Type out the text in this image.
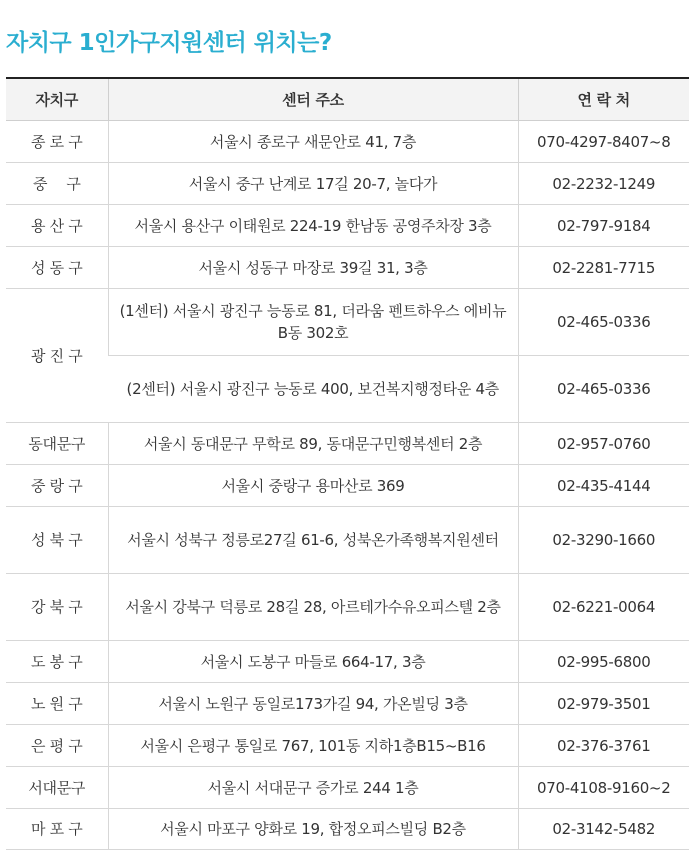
자치구 1인가구지원센터 위치는?
자치구	센터 주소	연 락 처
종 로 구	서울시 종로구 새문안로 41, 7층	070-4297-8407~8
중　 구	서울시 중구 난계로 17길 20-7, 놀다가	02-2232-1249
용 산 구	서울시 용산구 이태원로 224-19 한남동 공영주차장 3층	02-797-9184
성 동 구	서울시 성동구 마장로 39길 31, 3층	02-2281-7715
광 진 구	(1센터) 서울시 광진구 능동로 81, 더라움 펜트하우스 에비뉴B동 302호	02-465-0336
	(2센터) 서울시 광진구 능동로 400, 보건복지행정타운 4층	02-465-0336
동대문구	서울시 동대문구 무학로 89, 동대문구민행복센터 2층	02-957-0760
중 랑 구	서울시 중랑구 용마산로 369	02-435-4144
성 북 구	서울시 성북구 정릉로27길 61-6, 성북온가족행복지원센터	02-3290-1660
강 북 구	서울시 강북구 덕릉로 28길 28, 아르테가수유오피스텔 2층	02-6221-0064
도 봉 구	서울시 도봉구 마들로 664-17, 3층	02-995-6800
노 원 구	서울시 노원구 동일로173가길 94, 가온빌딩 3층	02-979-3501
은 평 구	서울시 은평구 통일로 767, 101동 지하1층B15~B16	02-376-3761
서대문구	서울시 서대문구 증가로 244 1층	070-4108-9160~2
마 포 구	서울시 마포구 양화로 19, 합정오피스빌딩 B2층	02-3142-5482
